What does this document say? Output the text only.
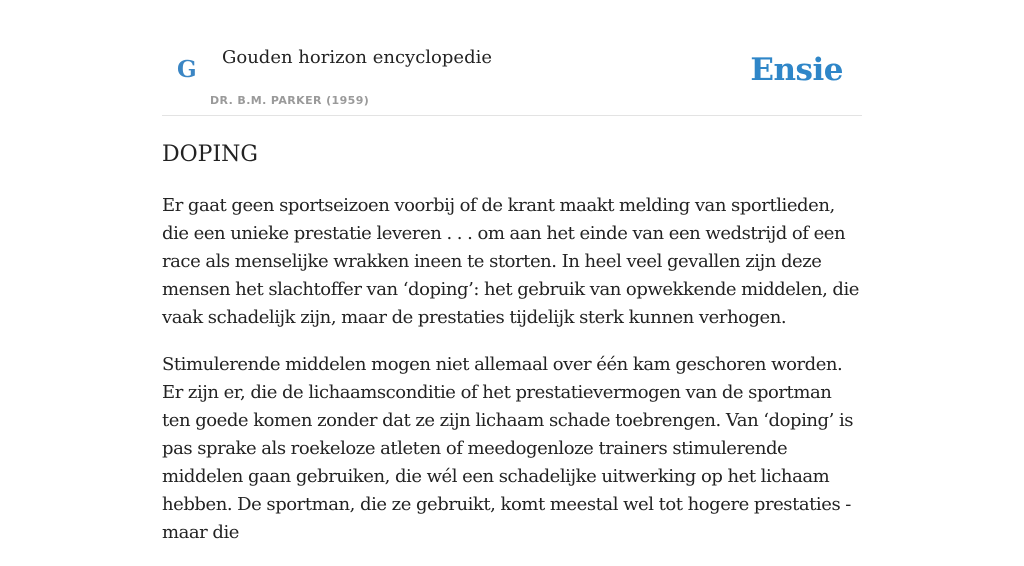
G Gouden horizon encyclopedie
DR. B.M. PARKER (1959)
Ensie
DOPING

Er gaat geen sportseizoen voorbij of de krant maakt melding van sportlieden, die een unieke prestatie leveren . . . om aan het einde van een wedstrijd of een race als menselijke wrakken ineen te storten. In heel veel gevallen zijn deze mensen het slachtoffer van ‘doping’: het gebruik van opwekkende middelen, die vaak schadelijk zijn, maar de prestaties tijdelijk sterk kunnen verhogen.

Stimulerende middelen mogen niet allemaal over één kam geschoren worden. Er zijn er, die de lichaamsconditie of het prestatievermogen van de sportman ten goede komen zonder dat ze zijn lichaam schade toebrengen. Van ‘doping’ is pas sprake als roekeloze atleten of meedogenloze trainers stimulerende middelen gaan gebruiken, die wél een schadelijke uitwerking op het lichaam hebben. De sportman, die ze gebruikt, komt meestal wel tot hogere prestaties - maar die
